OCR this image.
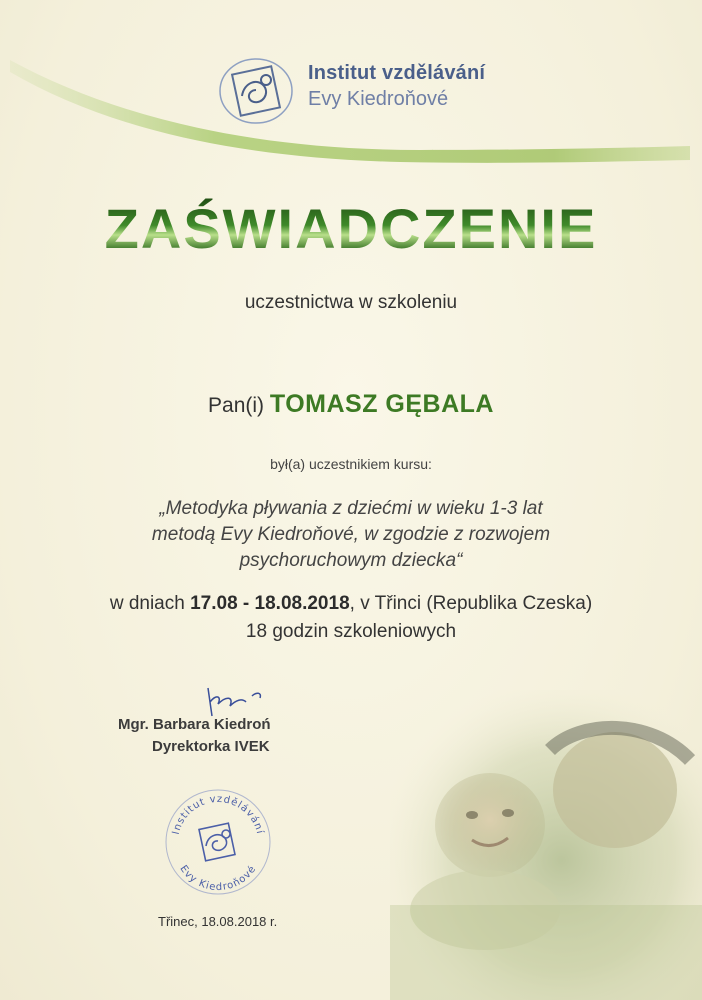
Institut vzdělávání
Evy Kiedroňové
ZAŚWIADCZENIE
uczestnictwa w szkoleniu
Pan(i) TOMASZ GĘBALA
był(a) uczestnikiem kursu:
„Metodyka pływania z dziećmi w wieku 1-3 lat
metodą Evy Kiedroňové, w zgodzie z rozwojem
psychoruchowym dziecka“
w dniach 17.08 - 18.08.2018, v Třinci (Republika Czeska)
18 godzin szkoleniowych
Mgr. Barbara Kiedroń
Dyrektorka IVEK
Institut vzdělávání
Evy Kiedroňové
Třinec, 18.08.2018 r.
